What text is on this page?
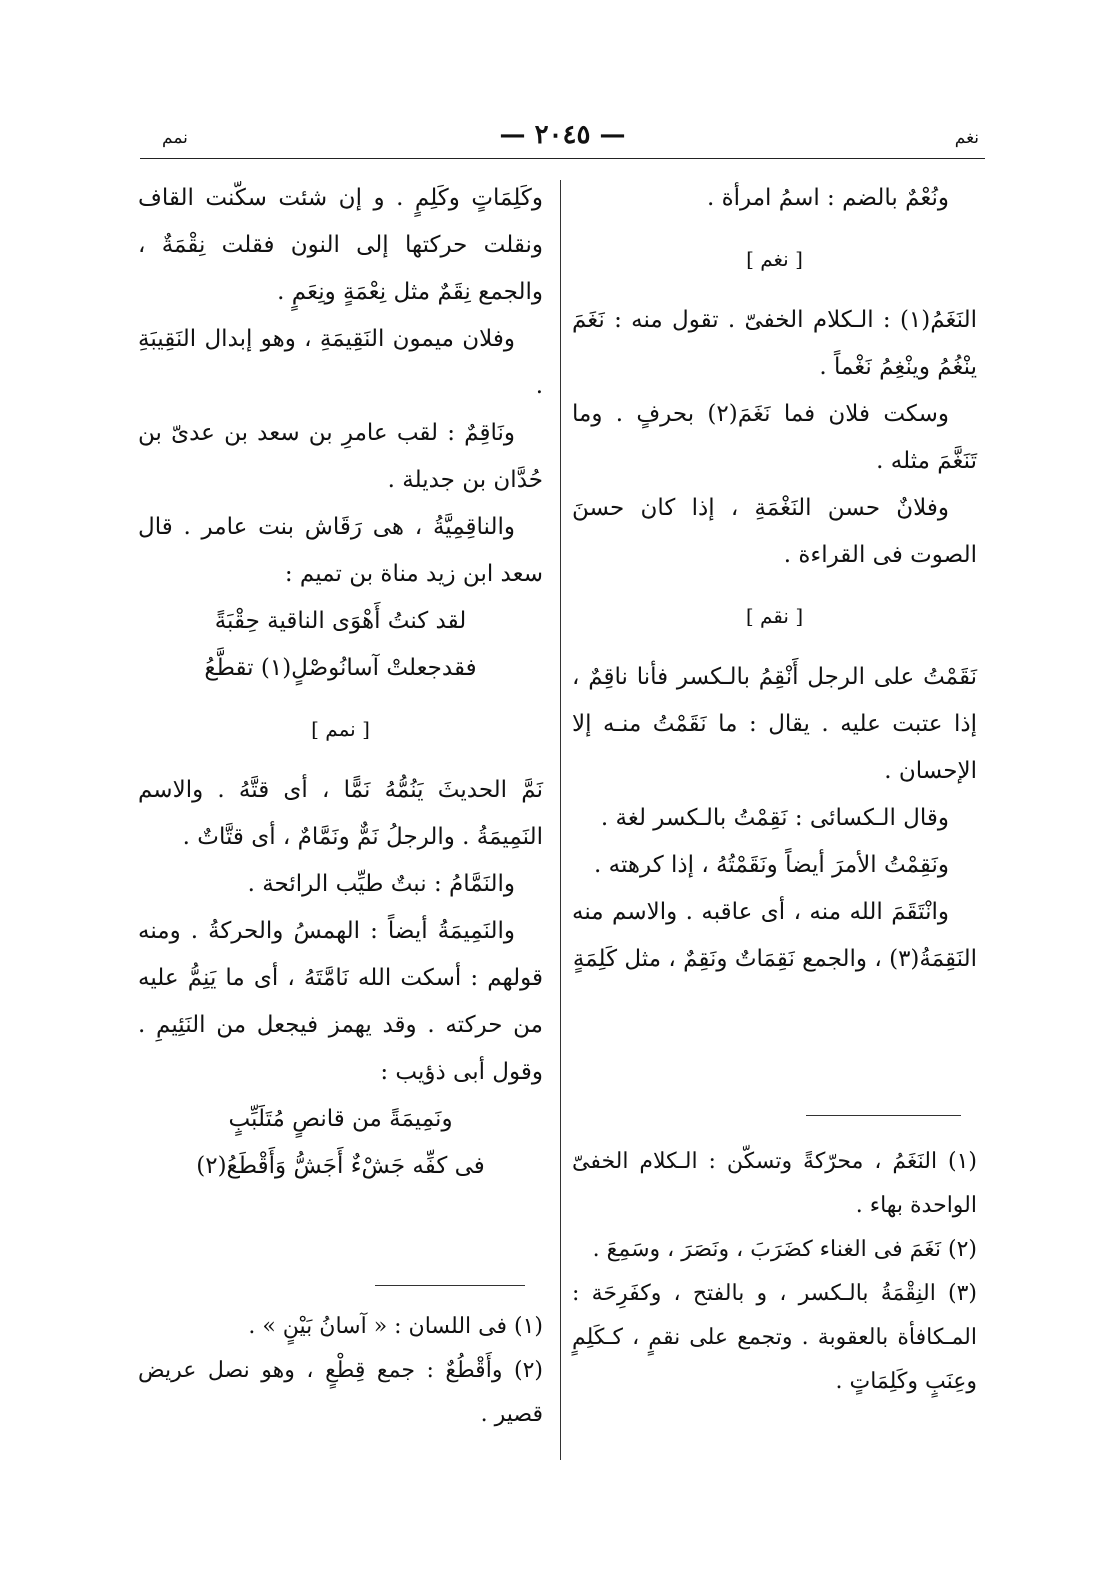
نمم	— ٢٠٤٥ —	نغم

ونُعْمٌ بالضم : اسمُ امرأة .

[ نغم ]

النَغَمُ(١) : الـكلام الخفىّ . تقول منه : نَغَمَ ينْغُمُ وينْغِمُ نَغْماً .

وسكت فلان فما نَغَمَ(٢) بحرفٍ . وما تَنَغَّمَ مثله .

وفلانٌ حسن النَغْمَةِ ، إذا كان حسنَ الصوت فى القراءة .

[ نقم ]

نَقَمْتُ على الرجل أَنْقِمُ بالـكسر فأنا ناقِمٌ ، إذا عتبت عليه . يقال : ما نَقَمْتُ منـه إلا الإحسان .

وقال الـكسائى : نَقِمْتُ بالـكسر لغة .

ونَقِمْتُ الأمرَ أيضاً ونَقَمْتُهُ ، إذا كرهته .

وانْتَقَمَ الله منه ، أى عاقبه . والاسم منه النَقِمَةُ(٣) ، والجمع نَقِمَاتٌ ونَقِمٌ ، مثل كَلِمَةٍ

(١) النَغَمُ ، محرّكةً وتسكّن : الـكلام الخفىّ الواحدة بهاء .

(٢) نَغَمَ فى الغناء كضَرَبَ ، ونَصَرَ ، وسَمِعَ .

(٣) النِقْمَةُ بالـكسر ، و بالفتح ، وكفَرِحَة : المـكافأة بالعقوبة . وتجمع على نقمٍ ، كـكَلِمٍ وعِنَبٍ وكَلِمَاتٍ .

وكَلِمَاتٍ وكَلِمٍ . و إن شئت سكّنت القاف ونقلت حركتها إلى النون فقلت نِقْمَةٌ ، والجمع نِقَمٌ مثل نِعْمَةٍ ونِعَمٍ .

وفلان ميمون النَقِيمَةِ ، وهو إبدال النَقِيبَةِ .

ونَاقِمٌ : لقب عامرِ بن سعد بن عدىّ بن حُدَّان بن جديلة .

والناقِمِيَّةُ ، هى رَقَاش بنت عامر . قال سعد ابن زيد مناة بن تميم :

لقد كنتُ أَهْوَى الناقية حِقْبَةً

فقدجعلتْ آسانُوصْلٍ(١) تقطَّعُ

[ نمم ]

نَمَّ الحديثَ يَنُمُّهُ نَمًّا ، أى قتَّهُ . والاسم النَمِيمَةُ . والرجلُ نَمٌّ ونَمَّامٌ ، أى قتَّاتٌ .

والنَمَّامُ : نبتٌ طيِّب الرائحة .

والنَمِيمَةُ أيضاً : الهمسُ والحركةُ . ومنه قولهم : أسكت الله نَامَّتَهُ ، أى ما يَنِمُّ عليه من حركته . وقد يهمز فيجعل من النَئِيمِ . وقول أبى ذؤيب :

ونَمِيمَةً من قانصٍ مُتَلَبِّبٍ

فى كفِّه جَشْءٌ أَجَشُّ وَأَقْطَعُ(٢)

(١) فى اللسان : « آسانُ بَيْنٍ » .

(٢) وأَقْطُعٌ : جمع قِطْعٍ ، وهو نصل عريض قصير .
